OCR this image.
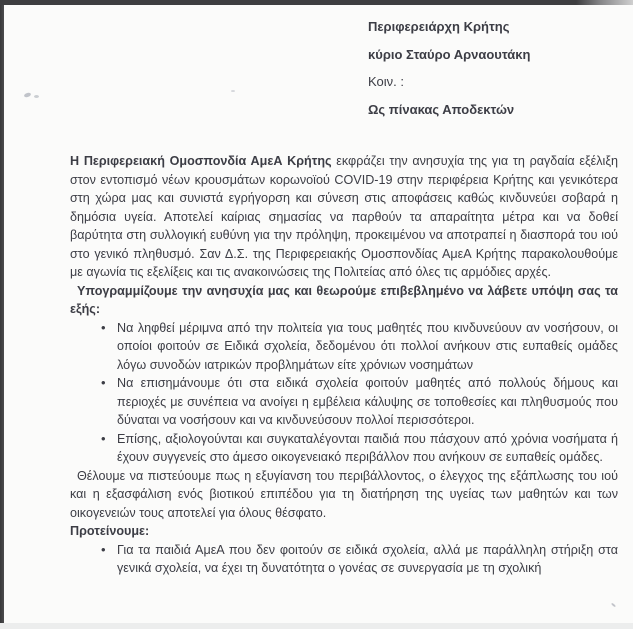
Περιφερειάρχη Κρήτης
κύριο Σταύρο Αρναουτάκη
Κοιν. :
Ως πίνακας Αποδεκτών

Η Περιφερειακή Ομοσπονδία ΑμεΑ Κρήτης εκφράζει την ανησυχία της για τη ραγδαία εξέλιξη στον εντοπισμό νέων κρουσμάτων κορωνοϊού COVID-19 στην περιφέρεια Κρήτης και γενικότερα στη χώρα μας και συνιστά εγρήγορση και σύνεση στις αποφάσεις καθώς κινδυνεύει σοβαρά η δημόσια υγεία. Αποτελεί καίριας σημασίας να παρθούν τα απαραίτητα μέτρα και να δοθεί βαρύτητα στη συλλογική ευθύνη για την πρόληψη, προκειμένου να αποτραπεί η διασπορά του ιού στο γενικό πληθυσμό. Σαν Δ.Σ. της Περιφερειακής Ομοσπονδίας ΑμεΑ Κρήτης παρακολουθούμε με αγωνία τις εξελίξεις και τις ανακοινώσεις της Πολιτείας από όλες τις αρμόδιες αρχές.

Υπογραμμίζουμε την ανησυχία μας και θεωρούμε επιβεβλημένο να λάβετε υπόψη σας τα εξής:

• Να ληφθεί μέριμνα από την πολιτεία για τους μαθητές που κινδυνεύουν αν νοσήσουν, οι οποίοι φοιτούν σε Ειδικά σχολεία, δεδομένου ότι πολλοί ανήκουν στις ευπαθείς ομάδες λόγω συνοδών ιατρικών προβλημάτων είτε χρόνιων νοσημάτων
• Να επισημάνουμε ότι στα ειδικά σχολεία φοιτούν μαθητές από πολλούς δήμους και περιοχές με συνέπεια να ανοίγει η εμβέλεια κάλυψης σε τοποθεσίες και πληθυσμούς που δύναται να νοσήσουν και να κινδυνεύσουν πολλοί περισσότεροι.
• Επίσης, αξιολογούνται και συγκαταλέγονται παιδιά που πάσχουν από χρόνια νοσήματα ή έχουν συγγενείς στο άμεσο οικογενειακό περιβάλλον που ανήκουν σε ευπαθείς ομάδες.

Θέλουμε να πιστεύουμε πως η εξυγίανση του περιβάλλοντος, ο έλεγχος της εξάπλωσης του ιού και η εξασφάλιση ενός βιοτικού επιπέδου για τη διατήρηση της υγείας των μαθητών και των οικογενειών τους αποτελεί για όλους θέσφατο.

Προτείνουμε:

• Για τα παιδιά ΑμεΑ που δεν φοιτούν σε ειδικά σχολεία, αλλά με παράλληλη στήριξη στα γενικά σχολεία, να έχει τη δυνατότητα ο γονέας σε συνεργασία με τη σχολική
